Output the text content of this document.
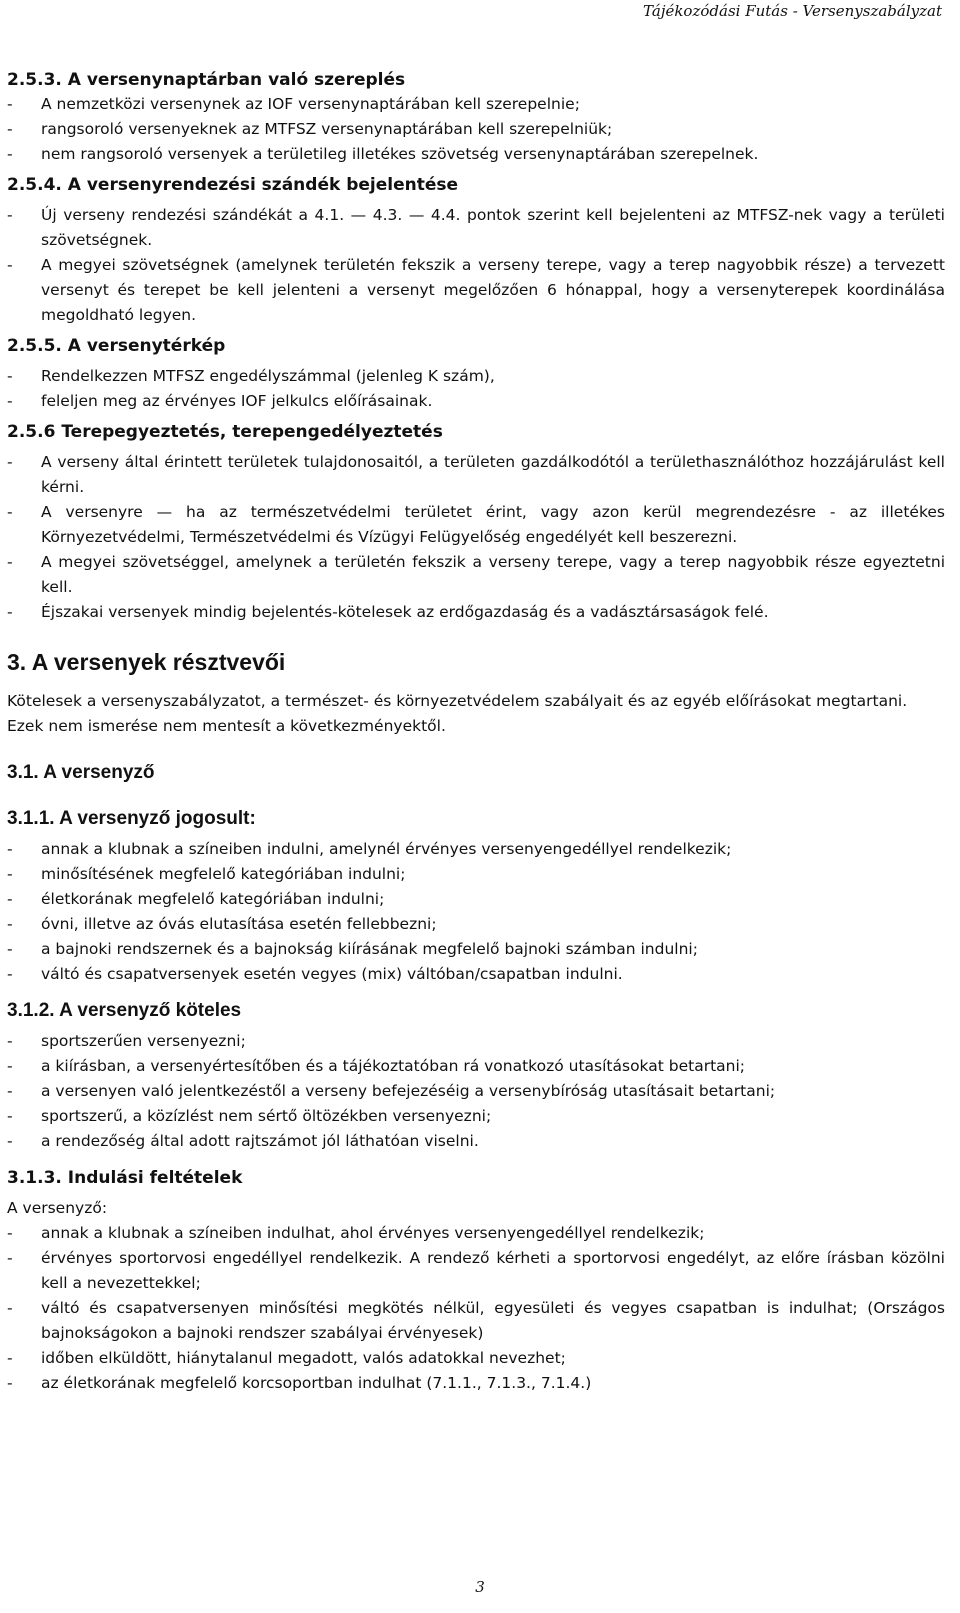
Tájékozódási Futás - Versenyszabályzat
2.5.3. A versenynaptárban való szereplés
- A nemzetközi versenynek az IOF versenynaptárában kell szerepelnie;
- rangsoroló versenyeknek az MTFSZ versenynaptárában kell szerepelniük;
- nem rangsoroló versenyek a területileg illetékes szövetség versenynaptárában szerepelnek.
2.5.4. A versenyrendezési szándék bejelentése
- Új verseny rendezési szándékát a 4.1. — 4.3. — 4.4. pontok szerint kell bejelenteni az MTFSZ-nek vagy a területi szövetségnek.
- A megyei szövetségnek (amelynek területén fekszik a verseny terepe, vagy a terep nagyobbik része) a tervezett versenyt és terepet be kell jelenteni a versenyt megelőzően 6 hónappal, hogy a versenyterepek koordinálása megoldható legyen.
2.5.5. A versenytérkép
- Rendelkezzen MTFSZ engedélyszámmal (jelenleg K szám),
- feleljen meg az érvényes IOF jelkulcs előírásainak.
2.5.6 Terepegyeztetés, terepengedélyeztetés
- A verseny által érintett területek tulajdonosaitól, a területen gazdálkodótól a területhasználóthoz hozzájárulást kell kérni.
- A versenyre — ha az természetvédelmi területet érint, vagy azon kerül megrendezésre - az illetékes Környezetvédelmi, Természetvédelmi és Vízügyi Felügyelőség engedélyét kell beszerezni.
- A megyei szövetséggel, amelynek a területén fekszik a verseny terepe, vagy a terep nagyobbik része egyeztetni kell.
- Éjszakai versenyek mindig bejelentés-kötelesek az erdőgazdaság és a vadásztársaságok felé.
3. A versenyek résztvevői

Kötelesek a versenyszabályzatot, a természet- és környezetvédelem szabályait és az egyéb előírásokat megtartani. Ezek nem ismerése nem mentesít a következményektől.

3.1. A versenyző
3.1.1. A versenyző jogosult:
- annak a klubnak a színeiben indulni, amelynél érvényes versenyengedéllyel rendelkezik;
- minősítésének megfelelő kategóriában indulni;
- életkorának megfelelő kategóriában indulni;
- óvni, illetve az óvás elutasítása esetén fellebbezni;
- a bajnoki rendszernek és a bajnokság kiírásának megfelelő bajnoki számban indulni;
- váltó és csapatversenyek esetén vegyes (mix) váltóban/csapatban indulni.
3.1.2. A versenyző köteles
- sportszerűen versenyezni;
- a kiírásban, a versenyértesítőben és a tájékoztatóban rá vonatkozó utasításokat betartani;
- a versenyen való jelentkezéstől a verseny befejezéséig a versenybíróság utasításait betartani;
- sportszerű, a közízlést nem sértő öltözékben versenyezni;
- a rendezőség által adott rajtszámot jól láthatóan viselni.
3.1.3. Indulási feltételek

A versenyző:

- annak a klubnak a színeiben indulhat, ahol érvényes versenyengedéllyel rendelkezik;
- érvényes sportorvosi engedéllyel rendelkezik. A rendező kérheti a sportorvosi engedélyt, az előre írásban közölni kell a nevezettekkel;
- váltó és csapatversenyen minősítési megkötés nélkül, egyesületi és vegyes csapatban is indulhat; (Országos bajnokságokon a bajnoki rendszer szabályai érvényesek)
- időben elküldött, hiánytalanul megadott, valós adatokkal nevezhet;
- az életkorának megfelelő korcsoportban indulhat (7.1.1., 7.1.3., 7.1.4.)
3
